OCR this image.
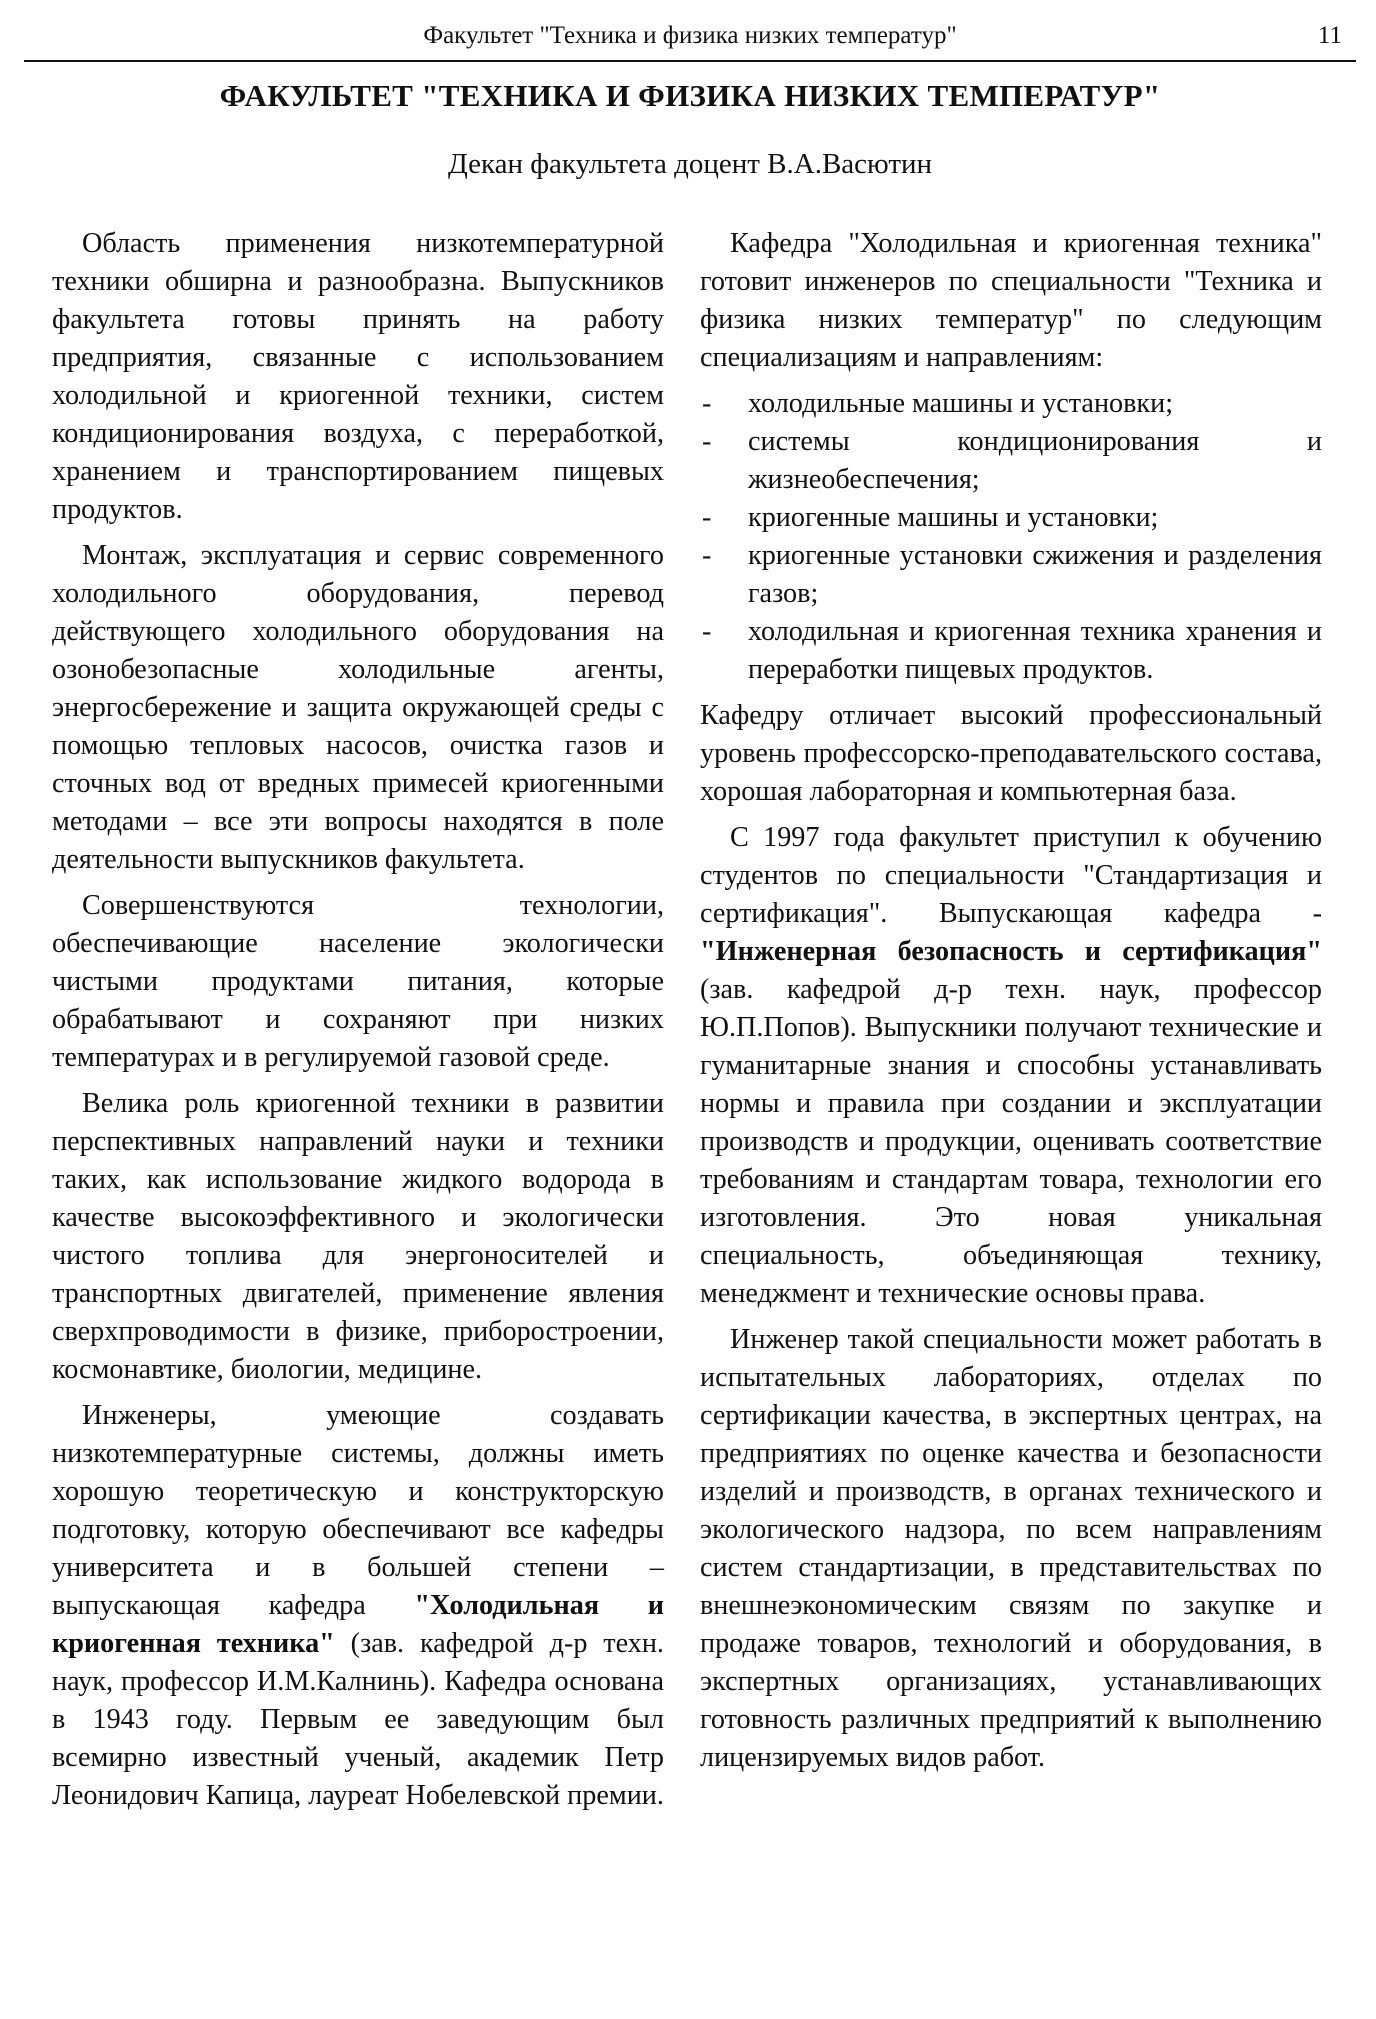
Факультет "Техника и физика низких температур"	11
ФАКУЛЬТЕТ "ТЕХНИКА И ФИЗИКА НИЗКИХ ТЕМПЕРАТУР"
Декан факультета доцент В.А.Васютин

Область применения низкотемпературной техники обширна и разнообразна. Выпускников факультета готовы принять на работу предприятия, связанные с использованием холодильной и криогенной техники, систем кондиционирования воздуха, с переработкой, хранением и транспортированием пищевых продуктов.

Монтаж, эксплуатация и сервис современного холодильного оборудования, перевод действующего холодильного оборудования на озонобезопасные холодильные агенты, энергосбережение и защита окружающей среды с помощью тепловых насосов, очистка газов и сточных вод от вредных примесей криогенными методами – все эти вопросы находятся в поле деятельности выпускников факультета.

Совершенствуются технологии, обеспечивающие население экологически чистыми продуктами питания, которые обрабатывают и сохраняют при низких температурах и в регулируемой газовой среде.

Велика роль криогенной техники в развитии перспективных направлений науки и техники таких, как использование жидкого водорода в качестве высокоэффективного и экологически чистого топлива для энергоносителей и транспортных двигателей, применение явления сверхпроводимости в физике, приборостроении, космонавтике, биологии, медицине.

Инженеры, умеющие создавать низкотемпературные системы, должны иметь хорошую теоретическую и конструкторскую подготовку, которую обеспечивают все кафедры университета и в большей степени – выпускающая кафедра "Холодильная и криогенная техника" (зав. кафедрой д-р техн. наук, профессор И.М.Калнинь). Кафедра основана в 1943 году. Первым ее заведующим был всемирно известный ученый, академик Петр Леонидович Капица, лауреат Нобелевской премии.

Кафедра "Холодильная и криогенная техника" готовит инженеров по специальности "Техника и физика низких температур" по следующим специализациям и направлениям:

- холодильные машины и установки;
- системы кондиционирования и жизнеобеспечения;
- криогенные машины и установки;
- криогенные установки сжижения и разделения газов;
- холодильная и криогенная техника хранения и переработки пищевых продуктов.

Кафедру отличает высокий профессиональный уровень профессорско-преподавательского состава, хорошая лабораторная и компьютерная база.

С 1997 года факультет приступил к обучению студентов по специальности "Стандартизация и сертификация". Выпускающая кафедра - "Инженерная безопасность и сертификация" (зав. кафедрой д-р техн. наук, профессор Ю.П.Попов). Выпускники получают технические и гуманитарные знания и способны устанавливать нормы и правила при создании и эксплуатации производств и продукции, оценивать соответствие требованиям и стандартам товара, технологии его изготовления. Это новая уникальная специальность, объединяющая технику, менеджмент и технические основы права.

Инженер такой специальности может работать в испытательных лабораториях, отделах по сертификации качества, в экспертных центрах, на предприятиях по оценке качества и безопасности изделий и производств, в органах технического и экологического надзора, по всем направлениям систем стандартизации, в представительствах по внешнеэкономическим связям по закупке и продаже товаров, технологий и оборудования, в экспертных организациях, устанавливающих готовность различных предприятий к выполнению лицензируемых видов работ.
